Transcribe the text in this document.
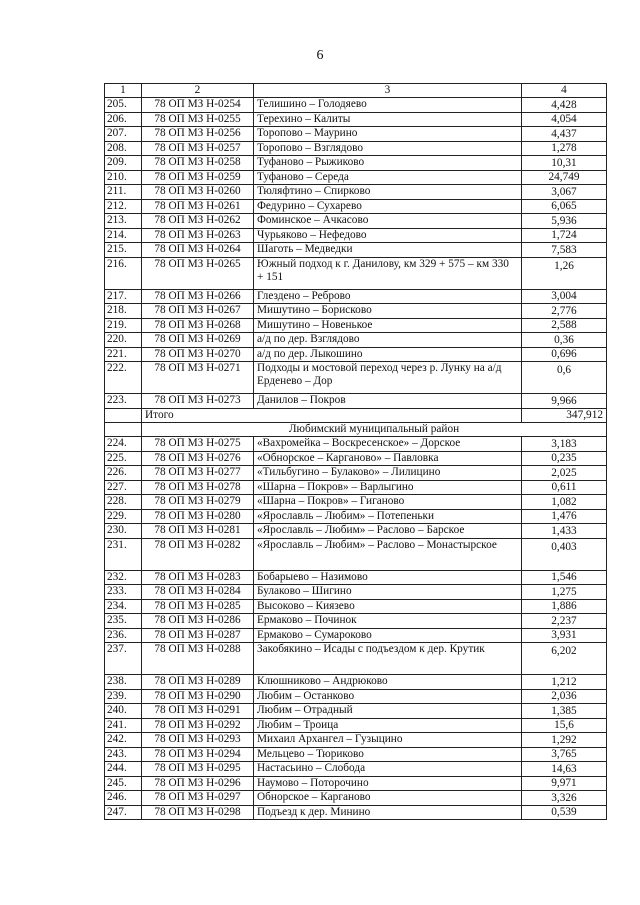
6
1	2	3	4
205.	78 ОП МЗ Н-0254	Телишино – Голодяево	4,428
206.	78 ОП МЗ Н-0255	Терехино – Калиты	4,054
207.	78 ОП МЗ Н-0256	Торопово – Маурино	4,437
208.	78 ОП МЗ Н-0257	Торопово – Взглядово	1,278
209.	78 ОП МЗ Н-0258	Туфаново – Рыжиково	10,31
210.	78 ОП МЗ Н-0259	Туфаново – Середа	24,749
211.	78 ОП МЗ Н-0260	Тюляфтино – Спирково	3,067
212.	78 ОП МЗ Н-0261	Федурино – Сухарево	6,065
213.	78 ОП МЗ Н-0262	Фоминское – Ачкасово	5,936
214.	78 ОП МЗ Н-0263	Чурьяково – Нефедово	1,724
215.	78 ОП МЗ Н-0264	Шаготь – Медведки	7,583
216.	78 ОП МЗ Н-0265	Южный подход к г. Данилову, км 329 + 575 – км 330 + 151	1,26
217.	78 ОП МЗ Н-0266	Глездено – Реброво	3,004
218.	78 ОП МЗ Н-0267	Мишутино – Борисково	2,776
219.	78 ОП МЗ Н-0268	Мишутино – Новенькое	2,588
220.	78 ОП МЗ Н-0269	а/д по дер. Взглядово	0,36
221.	78 ОП МЗ Н-0270	а/д по дер. Лыкошино	0,696
222.	78 ОП МЗ Н-0271	Подходы и мостовой переход через р. Лунку на а/д Ерденево – Дор	0,6
223.	78 ОП МЗ Н-0273	Данилов – Покров	9,966
	Итого		347,912
	Любимский муниципальный район		
224.	78 ОП МЗ Н-0275	«Вахромейка – Воскресенское» – Дорское	3,183
225.	78 ОП МЗ Н-0276	«Обнорское – Карганово» – Павловка	0,235
226.	78 ОП МЗ Н-0277	«Тильбугино – Булаково» – Лилицино	2,025
227.	78 ОП МЗ Н-0278	«Шарна – Покров» – Варлыгино	0,611
228.	78 ОП МЗ Н-0279	«Шарна – Покров» – Гиганово	1,082
229.	78 ОП МЗ Н-0280	«Ярославль – Любим» – Потепеньки	1,476
230.	78 ОП МЗ Н-0281	«Ярославль – Любим» – Раслово – Барское	1,433
231.	78 ОП МЗ Н-0282	«Ярославль – Любим» – Раслово – Монастырское	0,403
232.	78 ОП МЗ Н-0283	Бобарыево – Назимово	1,546
233.	78 ОП МЗ Н-0284	Булаково – Шигино	1,275
234.	78 ОП МЗ Н-0285	Высоково – Киязево	1,886
235.	78 ОП МЗ Н-0286	Ермаково – Починок	2,237
236.	78 ОП МЗ Н-0287	Ермаково – Сумароково	3,931
237.	78 ОП МЗ Н-0288	Закобякино – Исады с подъездом к дер. Крутик	6,202
238.	78 ОП МЗ Н-0289	Клюшниково – Андрюково	1,212
239.	78 ОП МЗ Н-0290	Любим – Останково	2,036
240.	78 ОП МЗ Н-0291	Любим – Отрадный	1,385
241.	78 ОП МЗ Н-0292	Любим – Троица	15,6
242.	78 ОП МЗ Н-0293	Михаил Архангел – Гузыцино	1,292
243.	78 ОП МЗ Н-0294	Мельцево – Тюриково	3,765
244.	78 ОП МЗ Н-0295	Настасьино – Слобода	14,63
245.	78 ОП МЗ Н-0296	Наумово – Поторочино	9,971
246.	78 ОП МЗ Н-0297	Обнорское – Карганово	3,326
247.	78 ОП МЗ Н-0298	Подъезд к дер. Минино	0,539
